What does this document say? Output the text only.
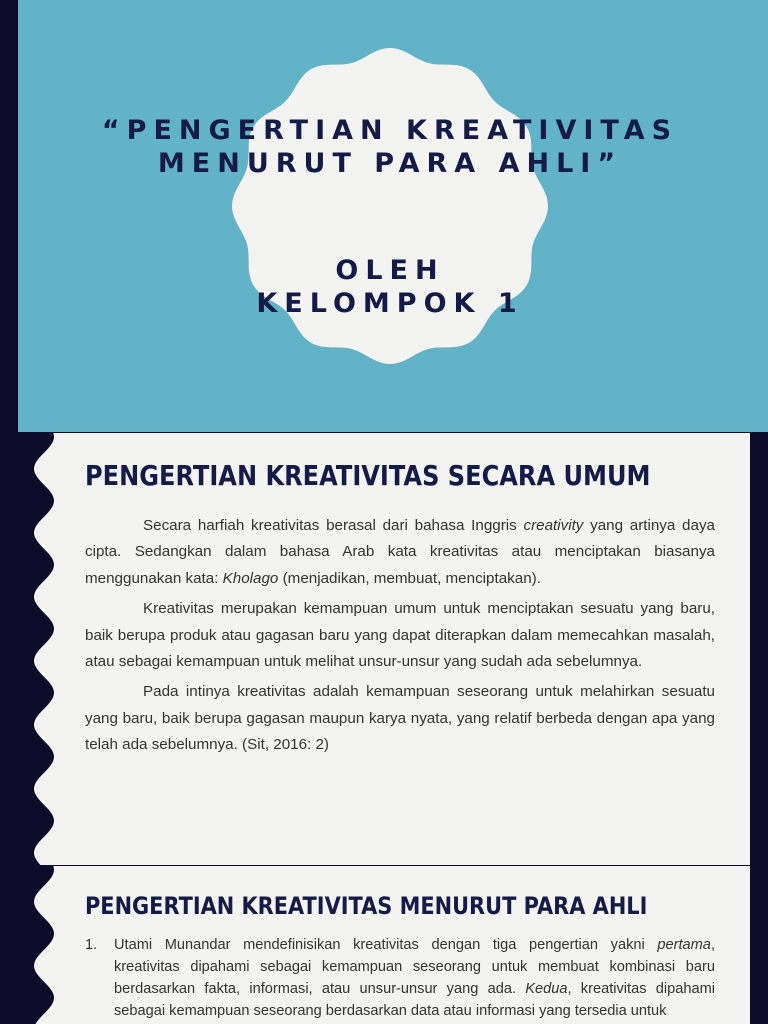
“PENGERTIAN KREATIVITAS MENURUT PARA AHLI”

OLEH
KELOMPOK 1

PENGERTIAN KREATIVITAS SECARA UMUM

Secara harfiah kreativitas berasal dari bahasa Inggris creativity yang artinya daya cipta. Sedangkan dalam bahasa Arab kata kreativitas atau menciptakan biasanya menggunakan kata: Kholago (menjadikan, membuat, menciptakan).

Kreativitas merupakan kemampuan umum untuk menciptakan sesuatu yang baru, baik berupa produk atau gagasan baru yang dapat diterapkan dalam memecahkan masalah, atau sebagai kemampuan untuk melihat unsur-unsur yang sudah ada sebelumnya.

Pada intinya kreativitas adalah kemampuan seseorang untuk melahirkan sesuatu yang baru, baik berupa gagasan maupun karya nyata, yang relatif berbeda dengan apa yang telah ada sebelumnya. (Sit, 2016: 2)

PENGERTIAN KREATIVITAS MENURUT PARA AHLI
1. Utami Munandar mendefinisikan kreativitas dengan tiga pengertian yakni pertama, kreativitas dipahami sebagai kemampuan seseorang untuk membuat kombinasi baru berdasarkan fakta, informasi, atau unsur-unsur yang ada. Kedua, kreativitas dipahami sebagai kemampuan seseorang berdasarkan data atau informasi yang tersedia untuk
